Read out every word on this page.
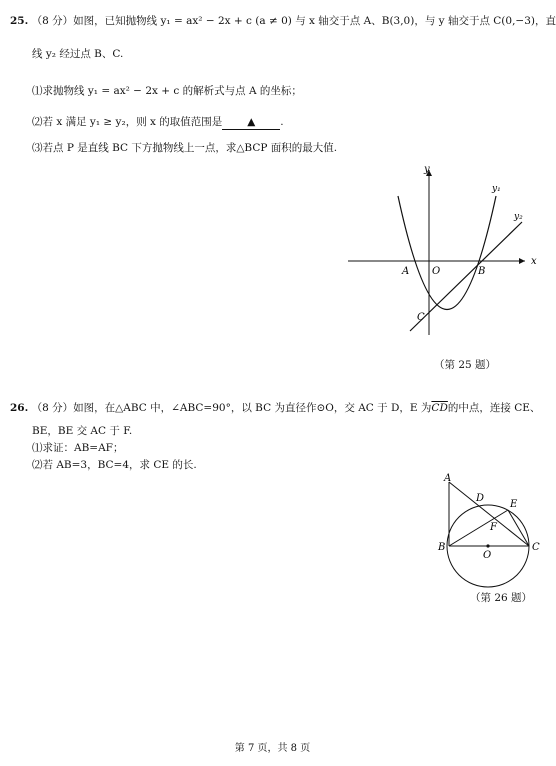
25. （8 分）如图，已知抛物线 y₁ = ax² − 2x + c (a ≠ 0) 与 x 轴交于点 A、B(3,0)，与 y 轴交于点 C(0,−3)，直
线 y₂ 经过点 B、C.
⑴求抛物线 y₁ = ax² − 2x + c 的解析式与点 A 的坐标；
⑵若 x 满足 y₁ ≥ y₂，则 x 的取值范围是 ▲ .
⑶若点 P 是直线 BC 下方抛物线上一点，求△BCP 面积的最大值.
y
x
y₁
y₂
A O	B
C
（第 25 题）
26. （8 分）如图，在△ABC 中，∠ABC=90°，以 BC 为直径作⊙O，交 AC 于 D，E 为$\overline{CD}$的中点，连接 CE、
BE，BE 交 AC 于 F.
⑴求证：AB=AF；
⑵若 AB=3，BC=4，求 CE 的长.
A
D
E
F
B
O
C
（第 26 题）
第 7 页，共 8 页
